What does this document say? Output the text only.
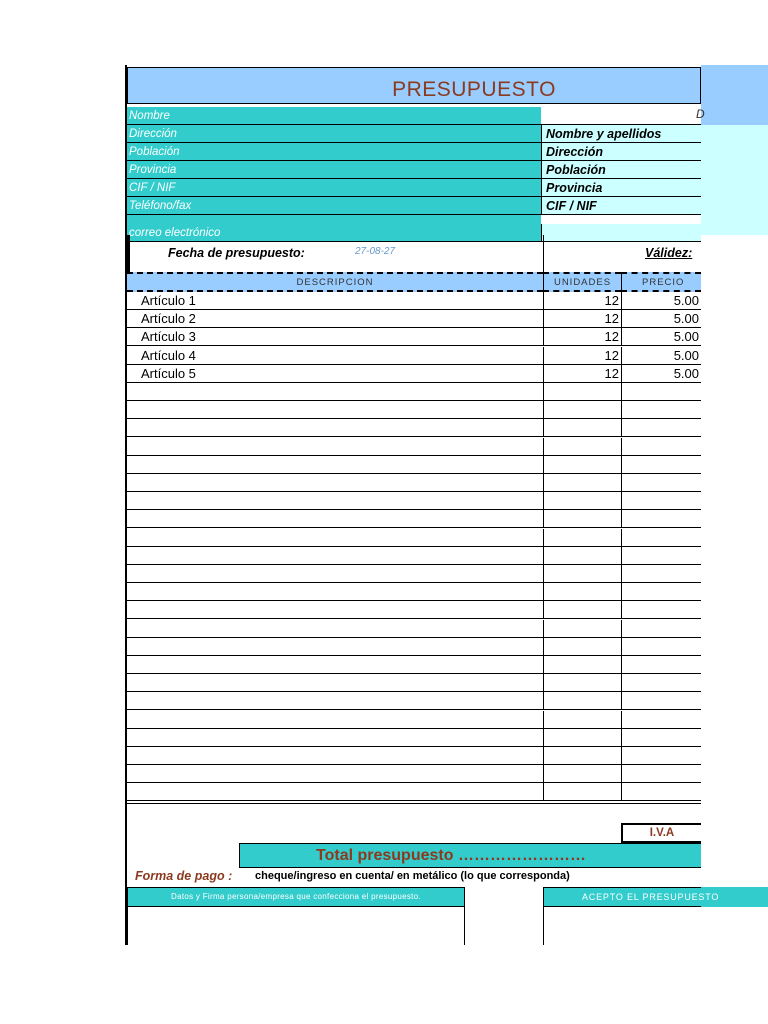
PRESUPUESTO
D
Nombre
Dirección	Nombre y apellidos
Población	Dirección
Provincia	Población
CIF / NIF	Provincia
Teléfono/fax	CIF / NIF
correo electrónico
Fecha de presupuesto:	27-08-27	Válidez:
DESCRIPCION	UNIDADES	PRECIO
Artículo 1	12	5.00
Artículo 2	12	5.00
Artículo 3	12	5.00
Artículo 4	12	5.00
Artículo 5	12	5.00
I.V.A
Total presupuesto ……………………
Forma de pago : cheque/ingreso en cuenta/ en metálico (lo que corresponda)
Datos y Firma persona/empresa que confecciona el presupuesto.	ACEPTO EL PRESUPUESTO
